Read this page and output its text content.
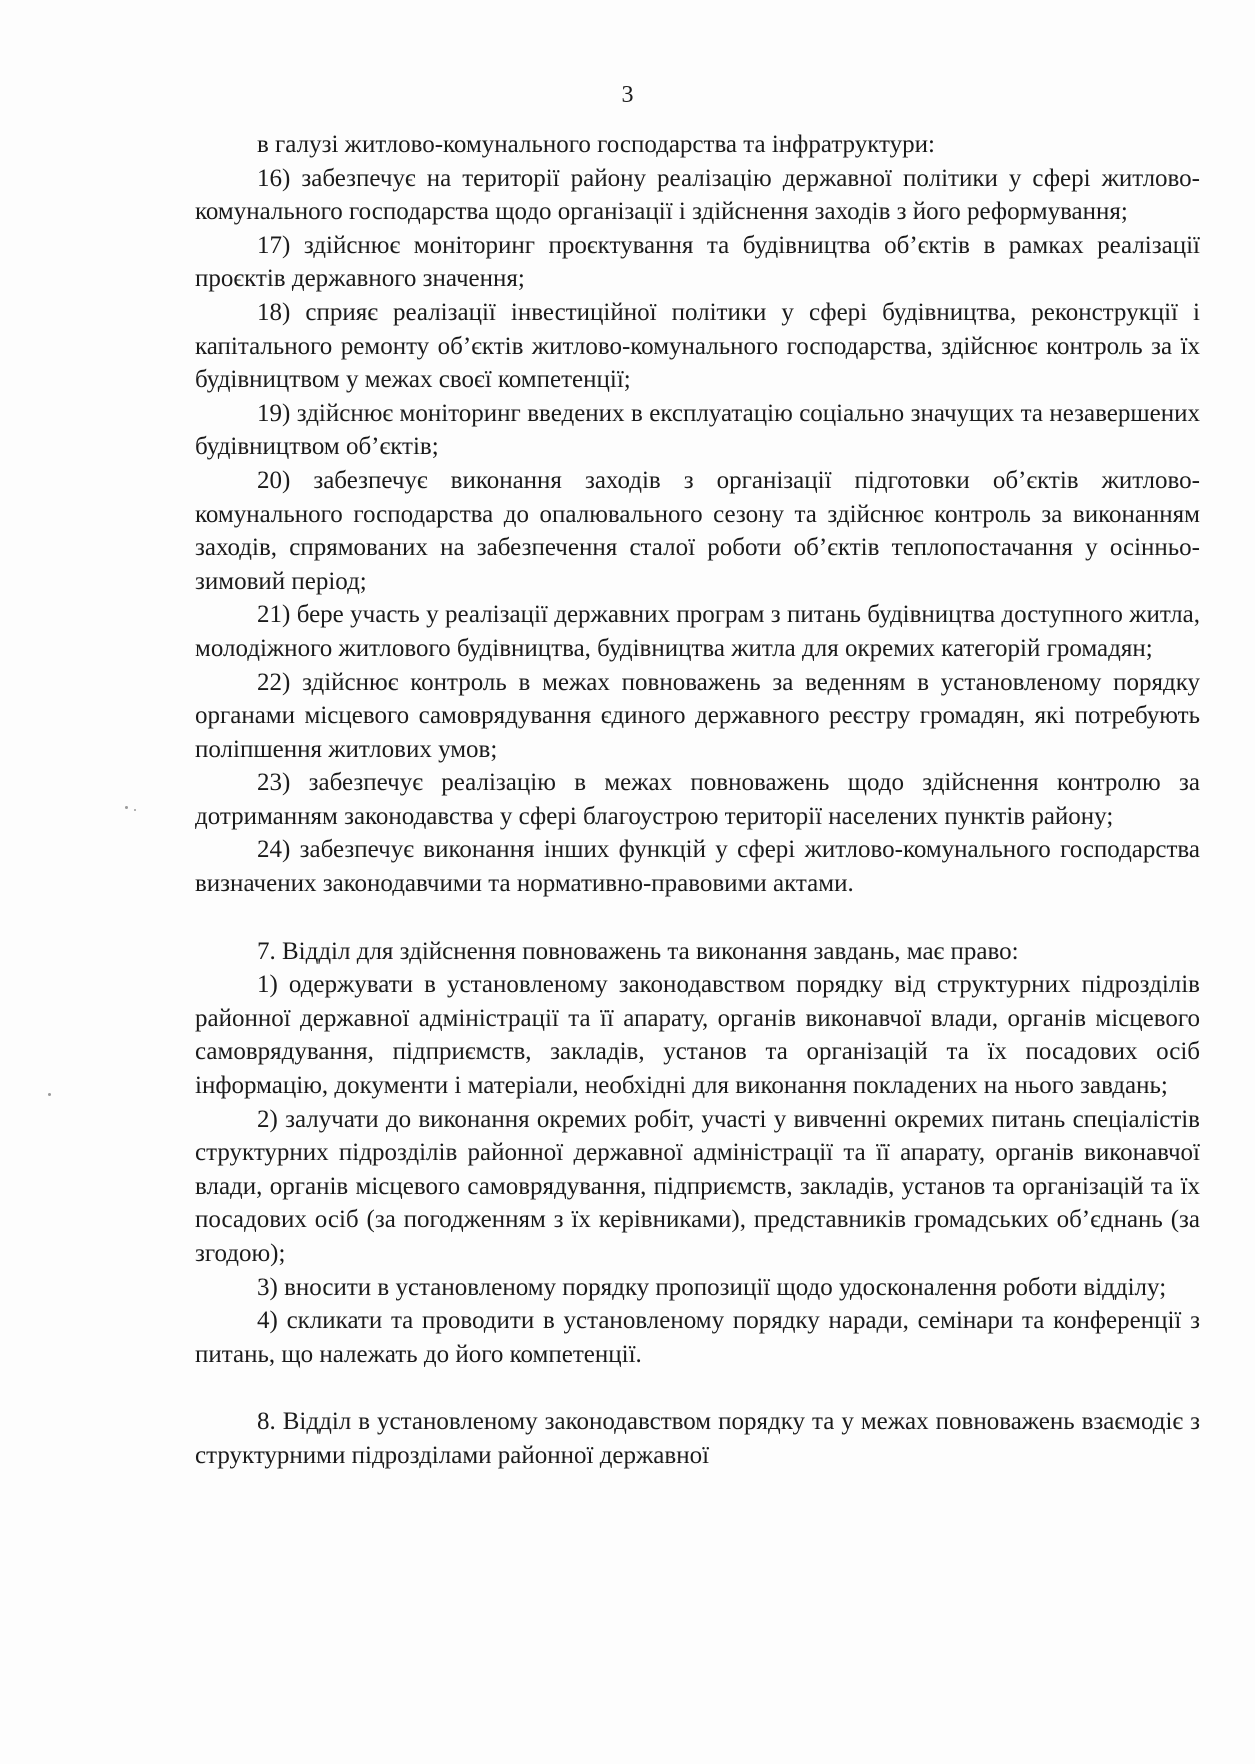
3

в галузі житлово-комунального господарства та інфратруктури:

16) забезпечує на території району реалізацію державної політики у сфері житлово-комунального господарства щодо організації і здійснення заходів з його реформування;

17) здійснює моніторинг проєктування та будівництва об’єктів в рамках реалізації проєктів державного значення;

18) сприяє реалізації інвестиційної політики у сфері будівництва, реконструкції і капітального ремонту об’єктів житлово-комунального господарства, здійснює контроль за їх будівництвом у межах своєї компетенції;

19) здійснює моніторинг введених в експлуатацію соціально значущих та незавершених будівництвом об’єктів;

20) забезпечує виконання заходів з організації підготовки об’єктів житлово-комунального господарства до опалювального сезону та здійснює контроль за виконанням заходів, спрямованих на забезпечення сталої роботи об’єктів теплопостачання у осінньо-зимовий період;

21) бере участь у реалізації державних програм з питань будівництва доступного житла, молодіжного житлового будівництва, будівництва житла для окремих категорій громадян;

22) здійснює контроль в межах повноважень за веденням в установленому порядку органами місцевого самоврядування єдиного державного реєстру громадян, які потребують поліпшення житлових умов;

23) забезпечує реалізацію в межах повноважень щодо здійснення контролю за дотриманням законодавства у сфері благоустрою території населених пунктів району;

24) забезпечує виконання інших функцій у сфері житлово-комунального господарства визначених законодавчими та нормативно-правовими актами.

7. Відділ для здійснення повноважень та виконання завдань, має право:

1) одержувати в установленому законодавством порядку від структурних підрозділів районної державної адміністрації та її апарату, органів виконавчої влади, органів місцевого самоврядування, підприємств, закладів, установ та організацій та їх посадових осіб інформацію, документи і матеріали, необхідні для виконання покладених на нього завдань;

2) залучати до виконання окремих робіт, участі у вивченні окремих питань спеціалістів структурних підрозділів районної державної адміністрації та її апарату, органів виконавчої влади, органів місцевого самоврядування, підприємств, закладів, установ та організацій та їх посадових осіб (за погодженням з їх керівниками), представників громадських об’єднань (за згодою);

3) вносити в установленому порядку пропозиції щодо удосконалення роботи відділу;

4) скликати та проводити в установленому порядку наради, семінари та конференції з питань, що належать до його компетенції.

8. Відділ в установленому законодавством порядку та у межах повноважень взаємодіє з структурними підрозділами районної державної
